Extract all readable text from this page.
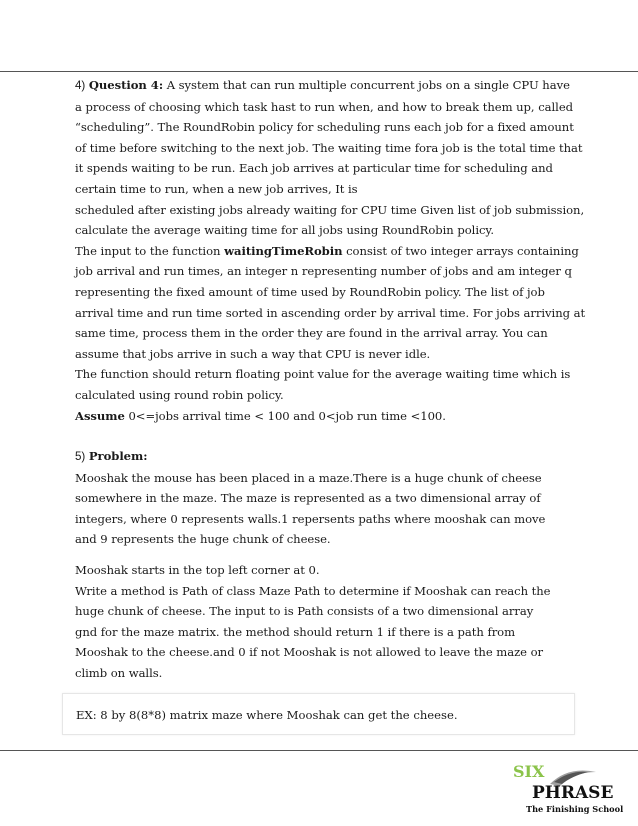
4) Question 4: A system that can run multiple concurrent jobs on a single CPU have
a process of choosing which task hast to run when, and how to break them up, called
“scheduling”. The RoundRobin policy for scheduling runs each job for a fixed amount
of time before switching to the next job. The waiting time fora job is the total time that
it spends waiting to be run. Each job arrives at particular time for scheduling and
certain time to run, when a new job arrives, It is
scheduled after existing jobs already waiting for CPU time Given list of job submission,
calculate the average waiting time for all jobs using RoundRobin policy.
The input to the function waitingTimeRobin consist of two integer arrays containing
job arrival and run times, an integer n representing number of jobs and am integer q
representing the fixed amount of time used by RoundRobin policy. The list of job
arrival time and run time sorted in ascending order by arrival time. For jobs arriving at
same time, process them in the order they are found in the arrival array. You can
assume that jobs arrive in such a way that CPU is never idle.
The function should return floating point value for the average waiting time which is
calculated using round robin policy.
Assume 0<=jobs arrival time < 100 and 0<job run time <100.
5) Problem:
Mooshak the mouse has been placed in a maze.There is a huge chunk of cheese
somewhere in the maze. The maze is represented as a two dimensional array of
integers, where 0 represents walls.1 repersents paths where mooshak can move
and 9 represents the huge chunk of cheese.
Mooshak starts in the top left corner at 0.
Write a method is Path of class Maze Path to determine if Mooshak can reach the
huge chunk of cheese. The input to is Path consists of a two dimensional array
gnd for the maze matrix. the method should return 1 if there is a path from
Mooshak to the cheese.and 0 if not Mooshak is not allowed to leave the maze or
climb on walls.
EX: 8 by 8(8*8) matrix maze where Mooshak can get the cheese.
SIX
PHRASE
The Finishing School
